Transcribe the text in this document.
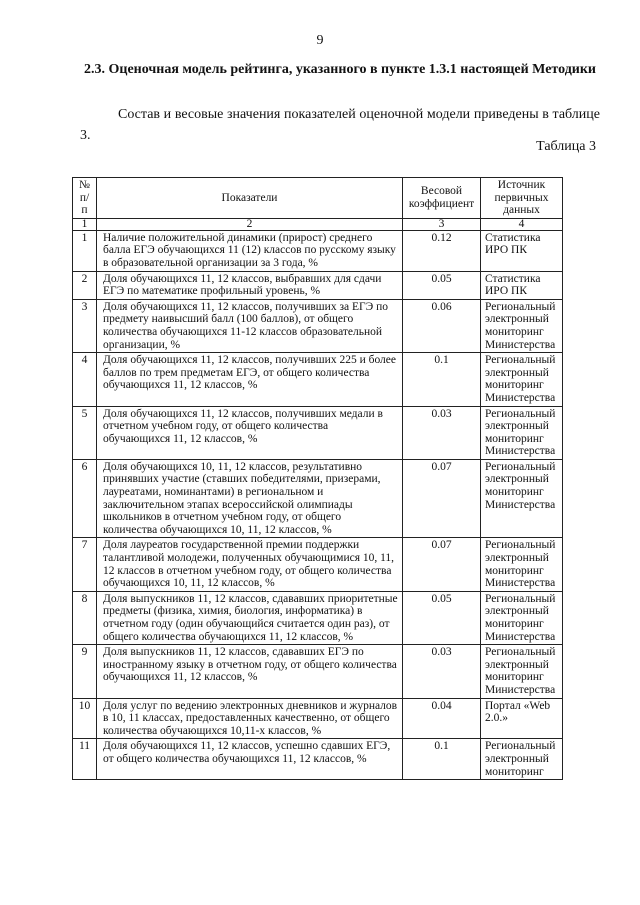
9
2.3. Оценочная модель рейтинга, указанного в пункте 1.3.1 настоящей Методики
Состав и весовые значения показателей оценочной модели приведены в таблице 3.
Таблица 3
№ п/п	Показатели	Весовой коэффициент	Источник первичных данных
1	2	3	4
1	Наличие положительной динамики (прирост) среднего балла ЕГЭ обучающихся 11 (12) классов по русскому языку в образовательной организации за 3 года, %	0.12	Статистика ИРО ПК
2	Доля обучающихся 11, 12 классов, выбравших для сдачи ЕГЭ по математике профильный уровень, %	0.05	Статистика ИРО ПК
3	Доля обучающихся 11, 12 классов, получивших за ЕГЭ по предмету наивысший балл (100 баллов), от общего количества обучающихся 11-12 классов образовательной организации, %	0.06	Региональный электронный мониторинг Министерства
4	Доля обучающихся 11, 12 классов, получивших 225 и более баллов по трем предметам ЕГЭ, от общего количества обучающихся 11, 12 классов, %	0.1	Региональный электронный мониторинг Министерства
5	Доля обучающихся 11, 12 классов, получивших медали в отчетном учебном году, от общего количества обучающихся 11, 12 классов, %	0.03	Региональный электронный мониторинг Министерства
6	Доля обучающихся 10, 11, 12 классов, результативно принявших участие (ставших победителями, призерами, лауреатами, номинантами) в региональном и заключительном этапах всероссийской олимпиады школьников в отчетном учебном году, от общего количества обучающихся 10, 11, 12 классов, %	0.07	Региональный электронный мониторинг Министерства
7	Доля лауреатов государственной премии поддержки талантливой молодежи, полученных обучающимися 10, 11, 12 классов в отчетном учебном году, от общего количества обучающихся 10, 11, 12 классов, %	0.07	Региональный электронный мониторинг Министерства
8	Доля выпускников 11, 12 классов, сдававших приоритетные предметы (физика, химия, биология, информатика) в отчетном году (один обучающийся считается один раз), от общего количества обучающихся 11, 12 классов, %	0.05	Региональный электронный мониторинг Министерства
9	Доля выпускников 11, 12 классов, сдававших ЕГЭ по иностранному языку в отчетном году, от общего количества обучающихся 11, 12 классов, %	0.03	Региональный электронный мониторинг Министерства
10	Доля услуг по ведению электронных дневников и журналов в 10, 11 классах, предоставленных качественно, от общего количества обучающихся 10,11-х классов, %	0.04	Портал «Web 2.0.»
11	Доля обучающихся 11, 12 классов, успешно сдавших ЕГЭ, от общего количества обучающихся 11, 12 классов, %	0.1	Региональный электронный мониторинг
